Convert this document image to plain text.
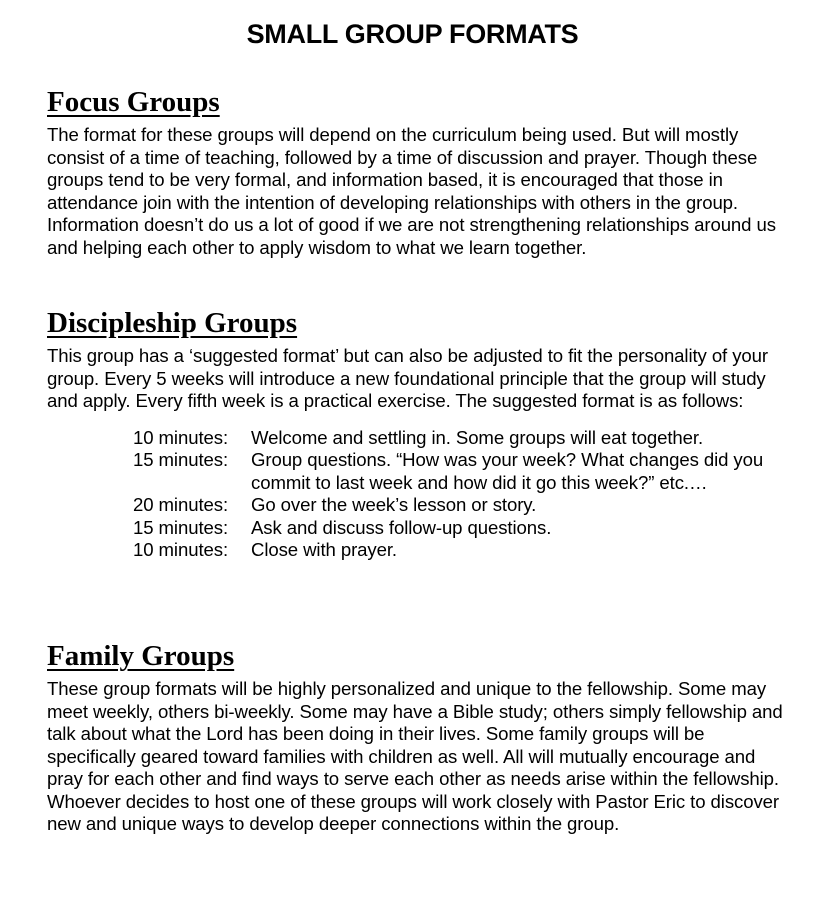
SMALL GROUP FORMATS
Focus Groups

The format for these groups will depend on the curriculum being used. But will mostly consist of a time of teaching, followed by a time of discussion and prayer. Though these groups tend to be very formal, and information based, it is encouraged that those in attendance join with the intention of developing relationships with others in the group. Information doesn’t do us a lot of good if we are not strengthening relationships around us and helping each other to apply wisdom to what we learn together.

Discipleship Groups

This group has a ‘suggested format’ but can also be adjusted to fit the personality of your group. Every 5 weeks will introduce a new foundational principle that the group will study and apply. Every fifth week is a practical exercise. The suggested format is as follows:

10 minutes:	Welcome and settling in. Some groups will eat together.
15 minutes:	Group questions. “How was your week? What changes did you commit to last week and how did it go this week?” etc.…
20 minutes:	Go over the week’s lesson or story.
15 minutes:	Ask and discuss follow-up questions.
10 minutes:	Close with prayer.
Family Groups

These group formats will be highly personalized and unique to the fellowship. Some may meet weekly, others bi-weekly. Some may have a Bible study; others simply fellowship and talk about what the Lord has been doing in their lives. Some family groups will be specifically geared toward families with children as well. All will mutually encourage and pray for each other and find ways to serve each other as needs arise within the fellowship. Whoever decides to host one of these groups will work closely with Pastor Eric to discover new and unique ways to develop deeper connections within the group.
